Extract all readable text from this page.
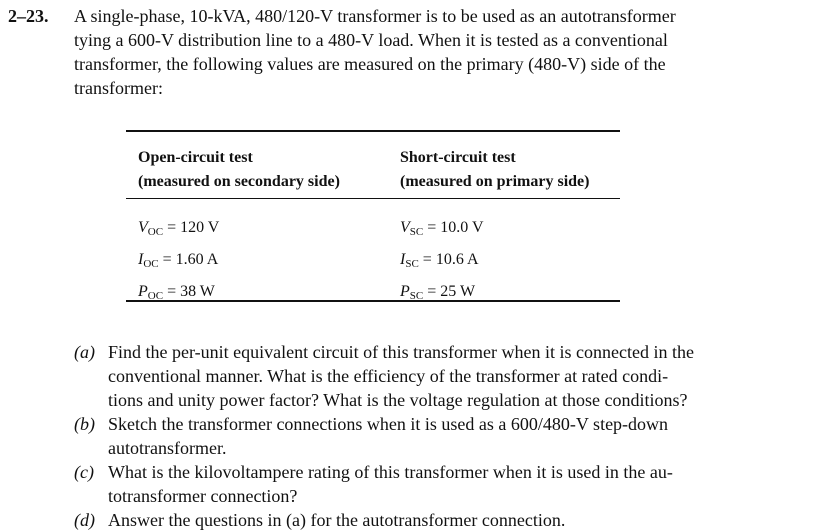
2–23. A single-phase, 10-kVA, 480/120-V transformer is to be used as an autotransformer

tying a 600-V distribution line to a 480-V load. When it is tested as a conventional

transformer, the following values are measured on the primary (480-V) side of the

transformer:

Open-circuit test
(measured on secondary side)
$V_{OC} = 120$ V
$I_{OC} = 1.60$ A
$P_{OC} = 38$ W
Short-circuit test
(measured on primary side)
$V_{SC} = 10.0$ V
$I_{SC} = 10.6$ A
$P_{SC} = 25$ W
(a) Find the per-unit equivalent circuit of this transformer when it is connected in the
conventional manner. What is the efficiency of the transformer at rated condi-
tions and unity power factor? What is the voltage regulation at those conditions?
(b) Sketch the transformer connections when it is used as a 600/480-V step-down
autotransformer.
(c) What is the kilovoltampere rating of this transformer when it is used in the au-
totransformer connection?
(d) Answer the questions in (a) for the autotransformer connection.
